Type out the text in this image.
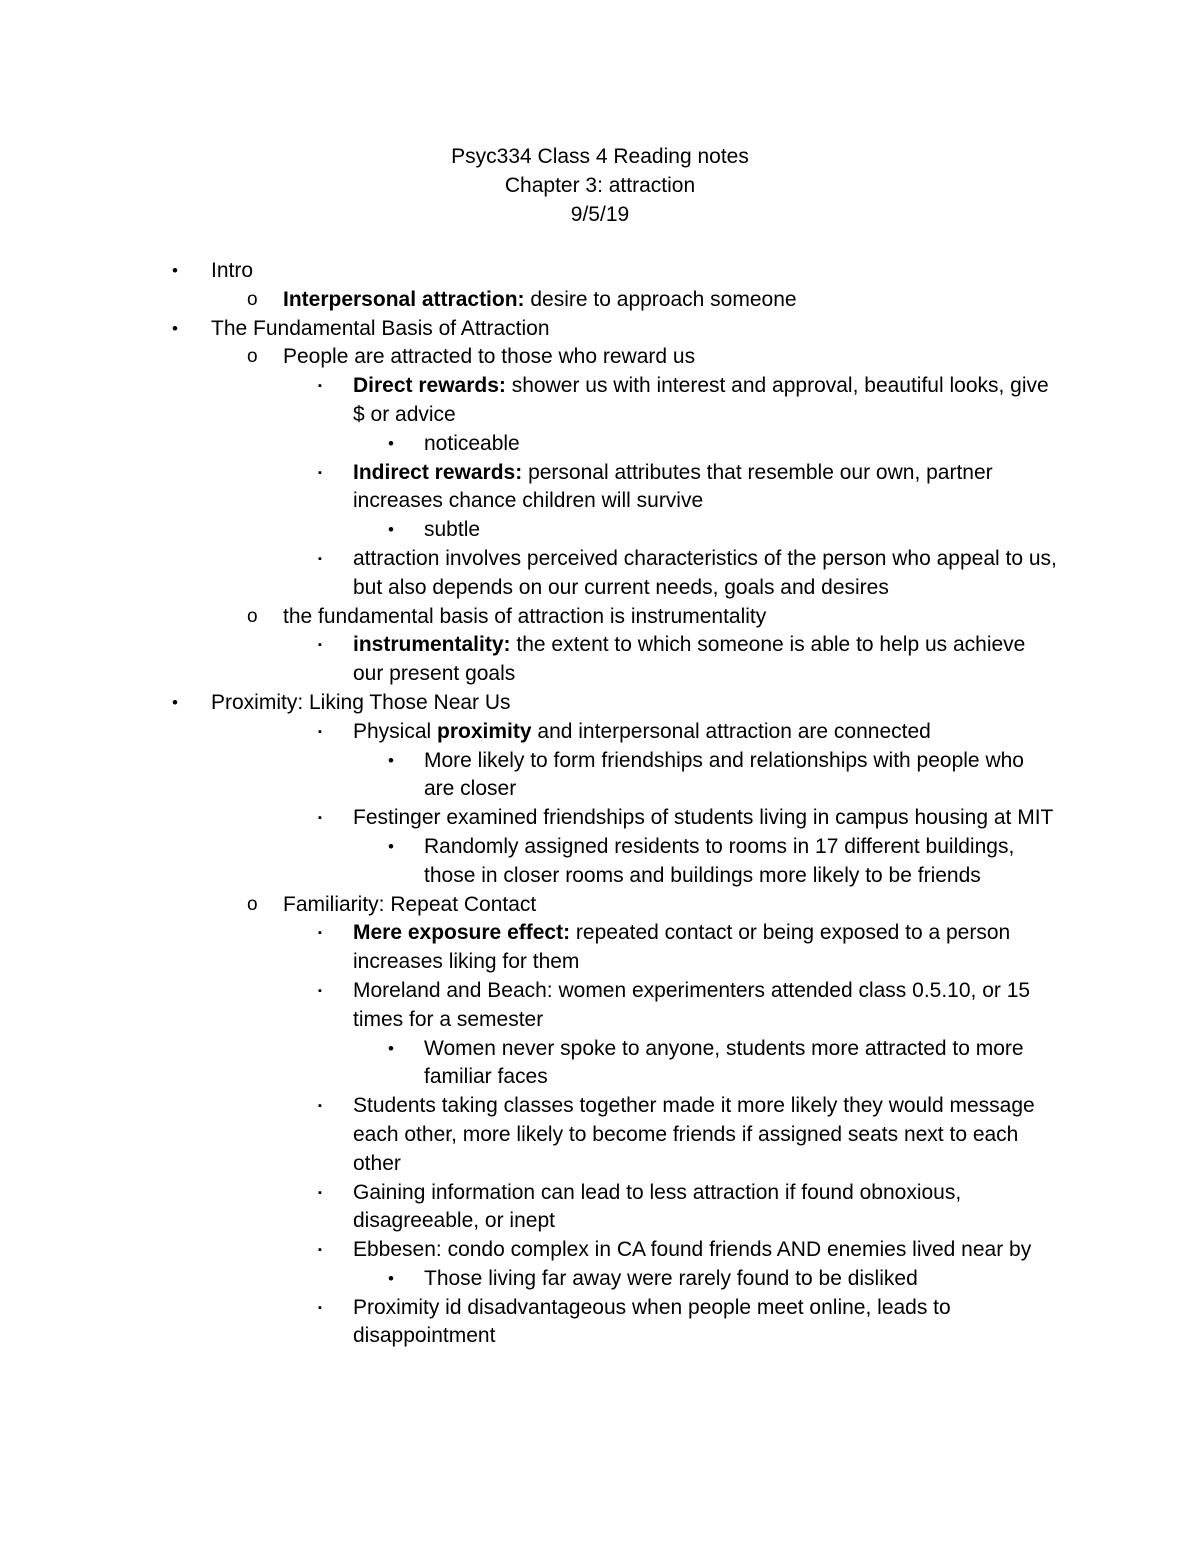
Psyc334 Class 4 Reading notes
Chapter 3: attraction
9/5/19
• Intro
o Interpersonal attraction: desire to approach someone
• The Fundamental Basis of Attraction
o People are attracted to those who reward us
▪ Direct rewards: shower us with interest and approval, beautiful looks, give $ or advice
• noticeable
▪ Indirect rewards: personal attributes that resemble our own, partner increases chance children will survive
• subtle
▪ attraction involves perceived characteristics of the person who appeal to us, but also depends on our current needs, goals and desires
o the fundamental basis of attraction is instrumentality
▪ instrumentality: the extent to which someone is able to help us achieve our present goals
• Proximity: Liking Those Near Us
▪ Physical proximity and interpersonal attraction are connected
• More likely to form friendships and relationships with people who are closer
▪ Festinger examined friendships of students living in campus housing at MIT
• Randomly assigned residents to rooms in 17 different buildings, those in closer rooms and buildings more likely to be friends
o Familiarity: Repeat Contact
▪ Mere exposure effect: repeated contact or being exposed to a person increases liking for them
▪ Moreland and Beach: women experimenters attended class 0.5.10, or 15 times for a semester
• Women never spoke to anyone, students more attracted to more familiar faces
▪ Students taking classes together made it more likely they would message each other, more likely to become friends if assigned seats next to each other
▪ Gaining information can lead to less attraction if found obnoxious, disagreeable, or inept
▪ Ebbesen: condo complex in CA found friends AND enemies lived near by
• Those living far away were rarely found to be disliked
▪ Proximity id disadvantageous when people meet online, leads to disappointment
